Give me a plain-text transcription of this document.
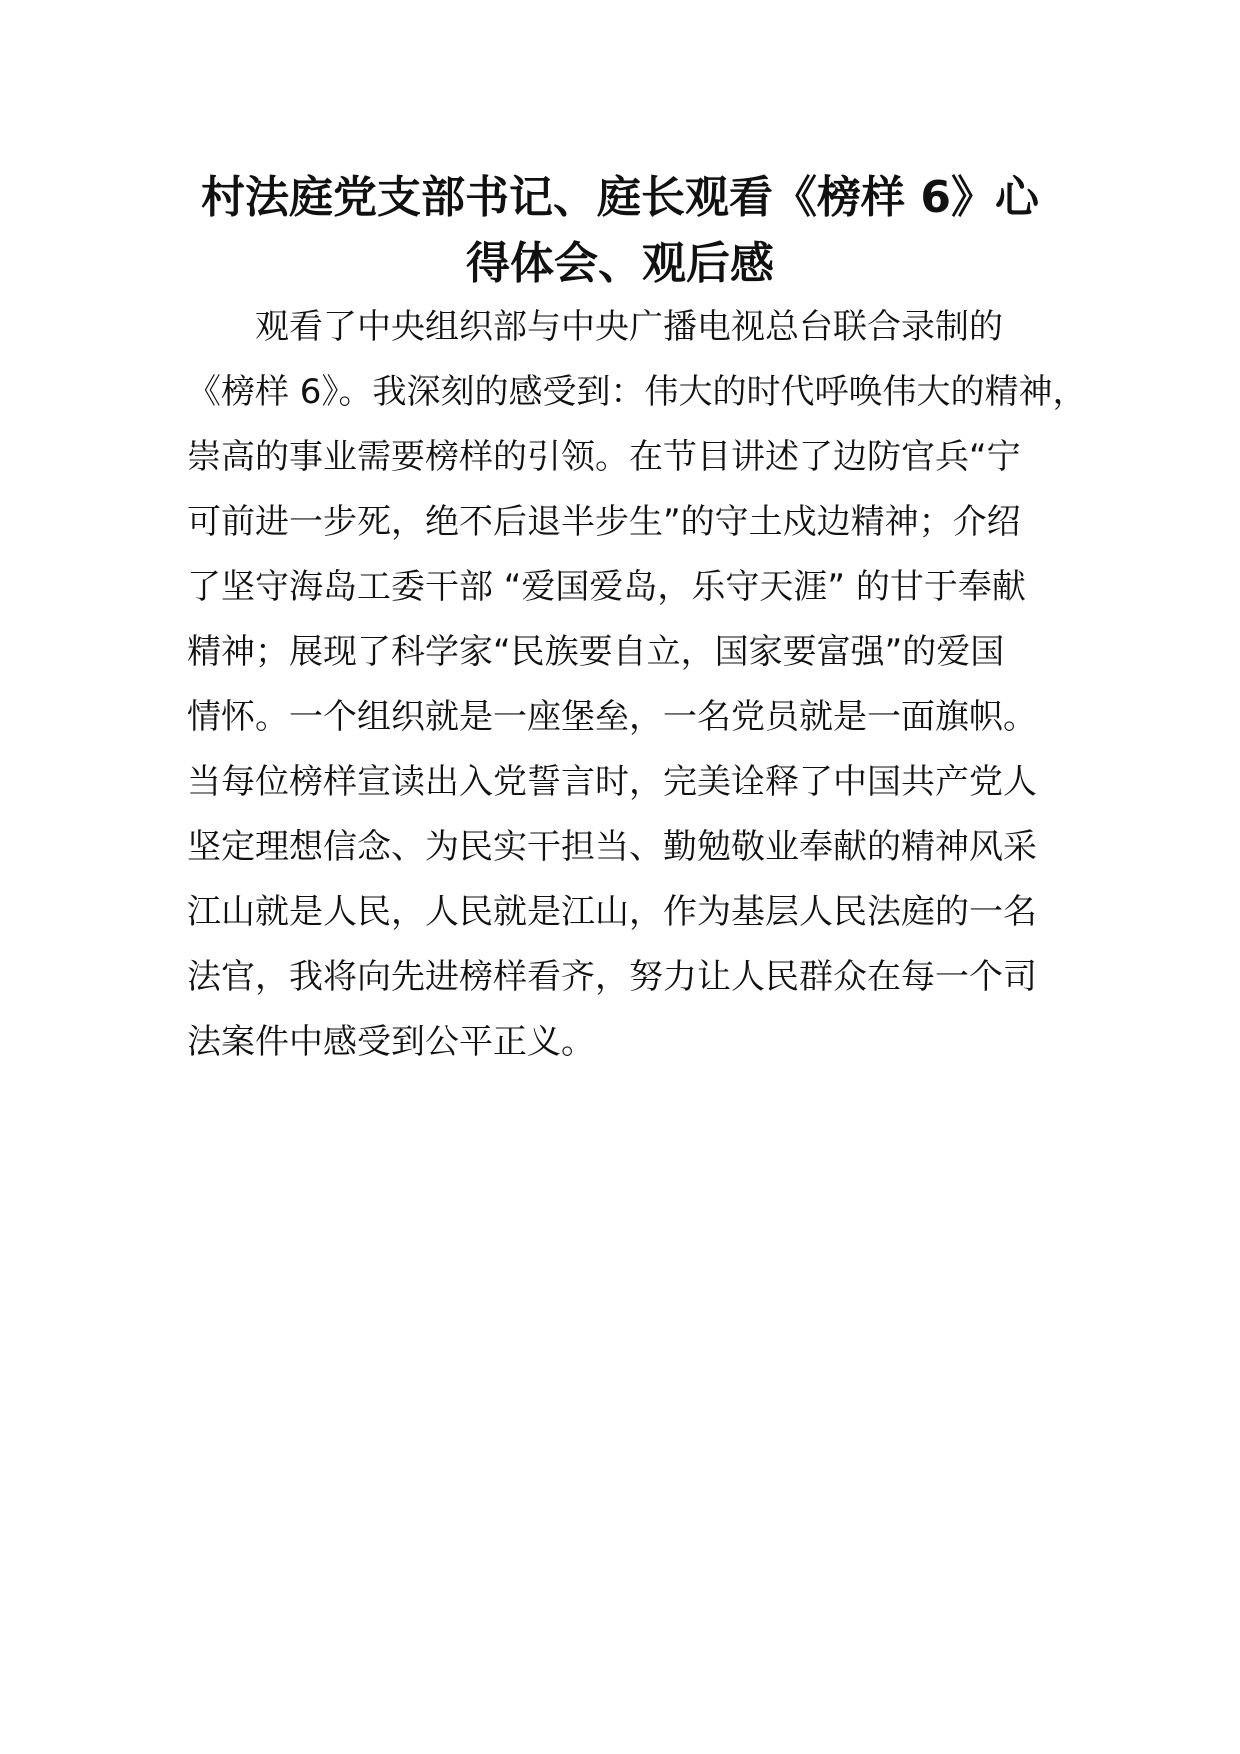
村法庭党支部书记、庭长观看《榜样 6》心得体会、观后感

观看了中央组织部与中央广播电视总台联合录制的

《榜样 6》。我深刻的感受到：伟大的时代呼唤伟大的精神，

崇高的事业需要榜样的引领。在节目讲述了边防官兵“宁

可前进一步死，绝不后退半步生”的守土戍边精神；介绍

了坚守海岛工委干部 “爱国爱岛，乐守天涯” 的甘于奉献

精神；展现了科学家“民族要自立，国家要富强”的爱国

情怀。一个组织就是一座堡垒，一名党员就是一面旗帜。

当每位榜样宣读出入党誓言时，完美诠释了中国共产党人

坚定理想信念、为民实干担当、勤勉敬业奉献的精神风采

江山就是人民，人民就是江山，作为基层人民法庭的一名

法官，我将向先进榜样看齐，努力让人民群众在每一个司

法案件中感受到公平正义。
